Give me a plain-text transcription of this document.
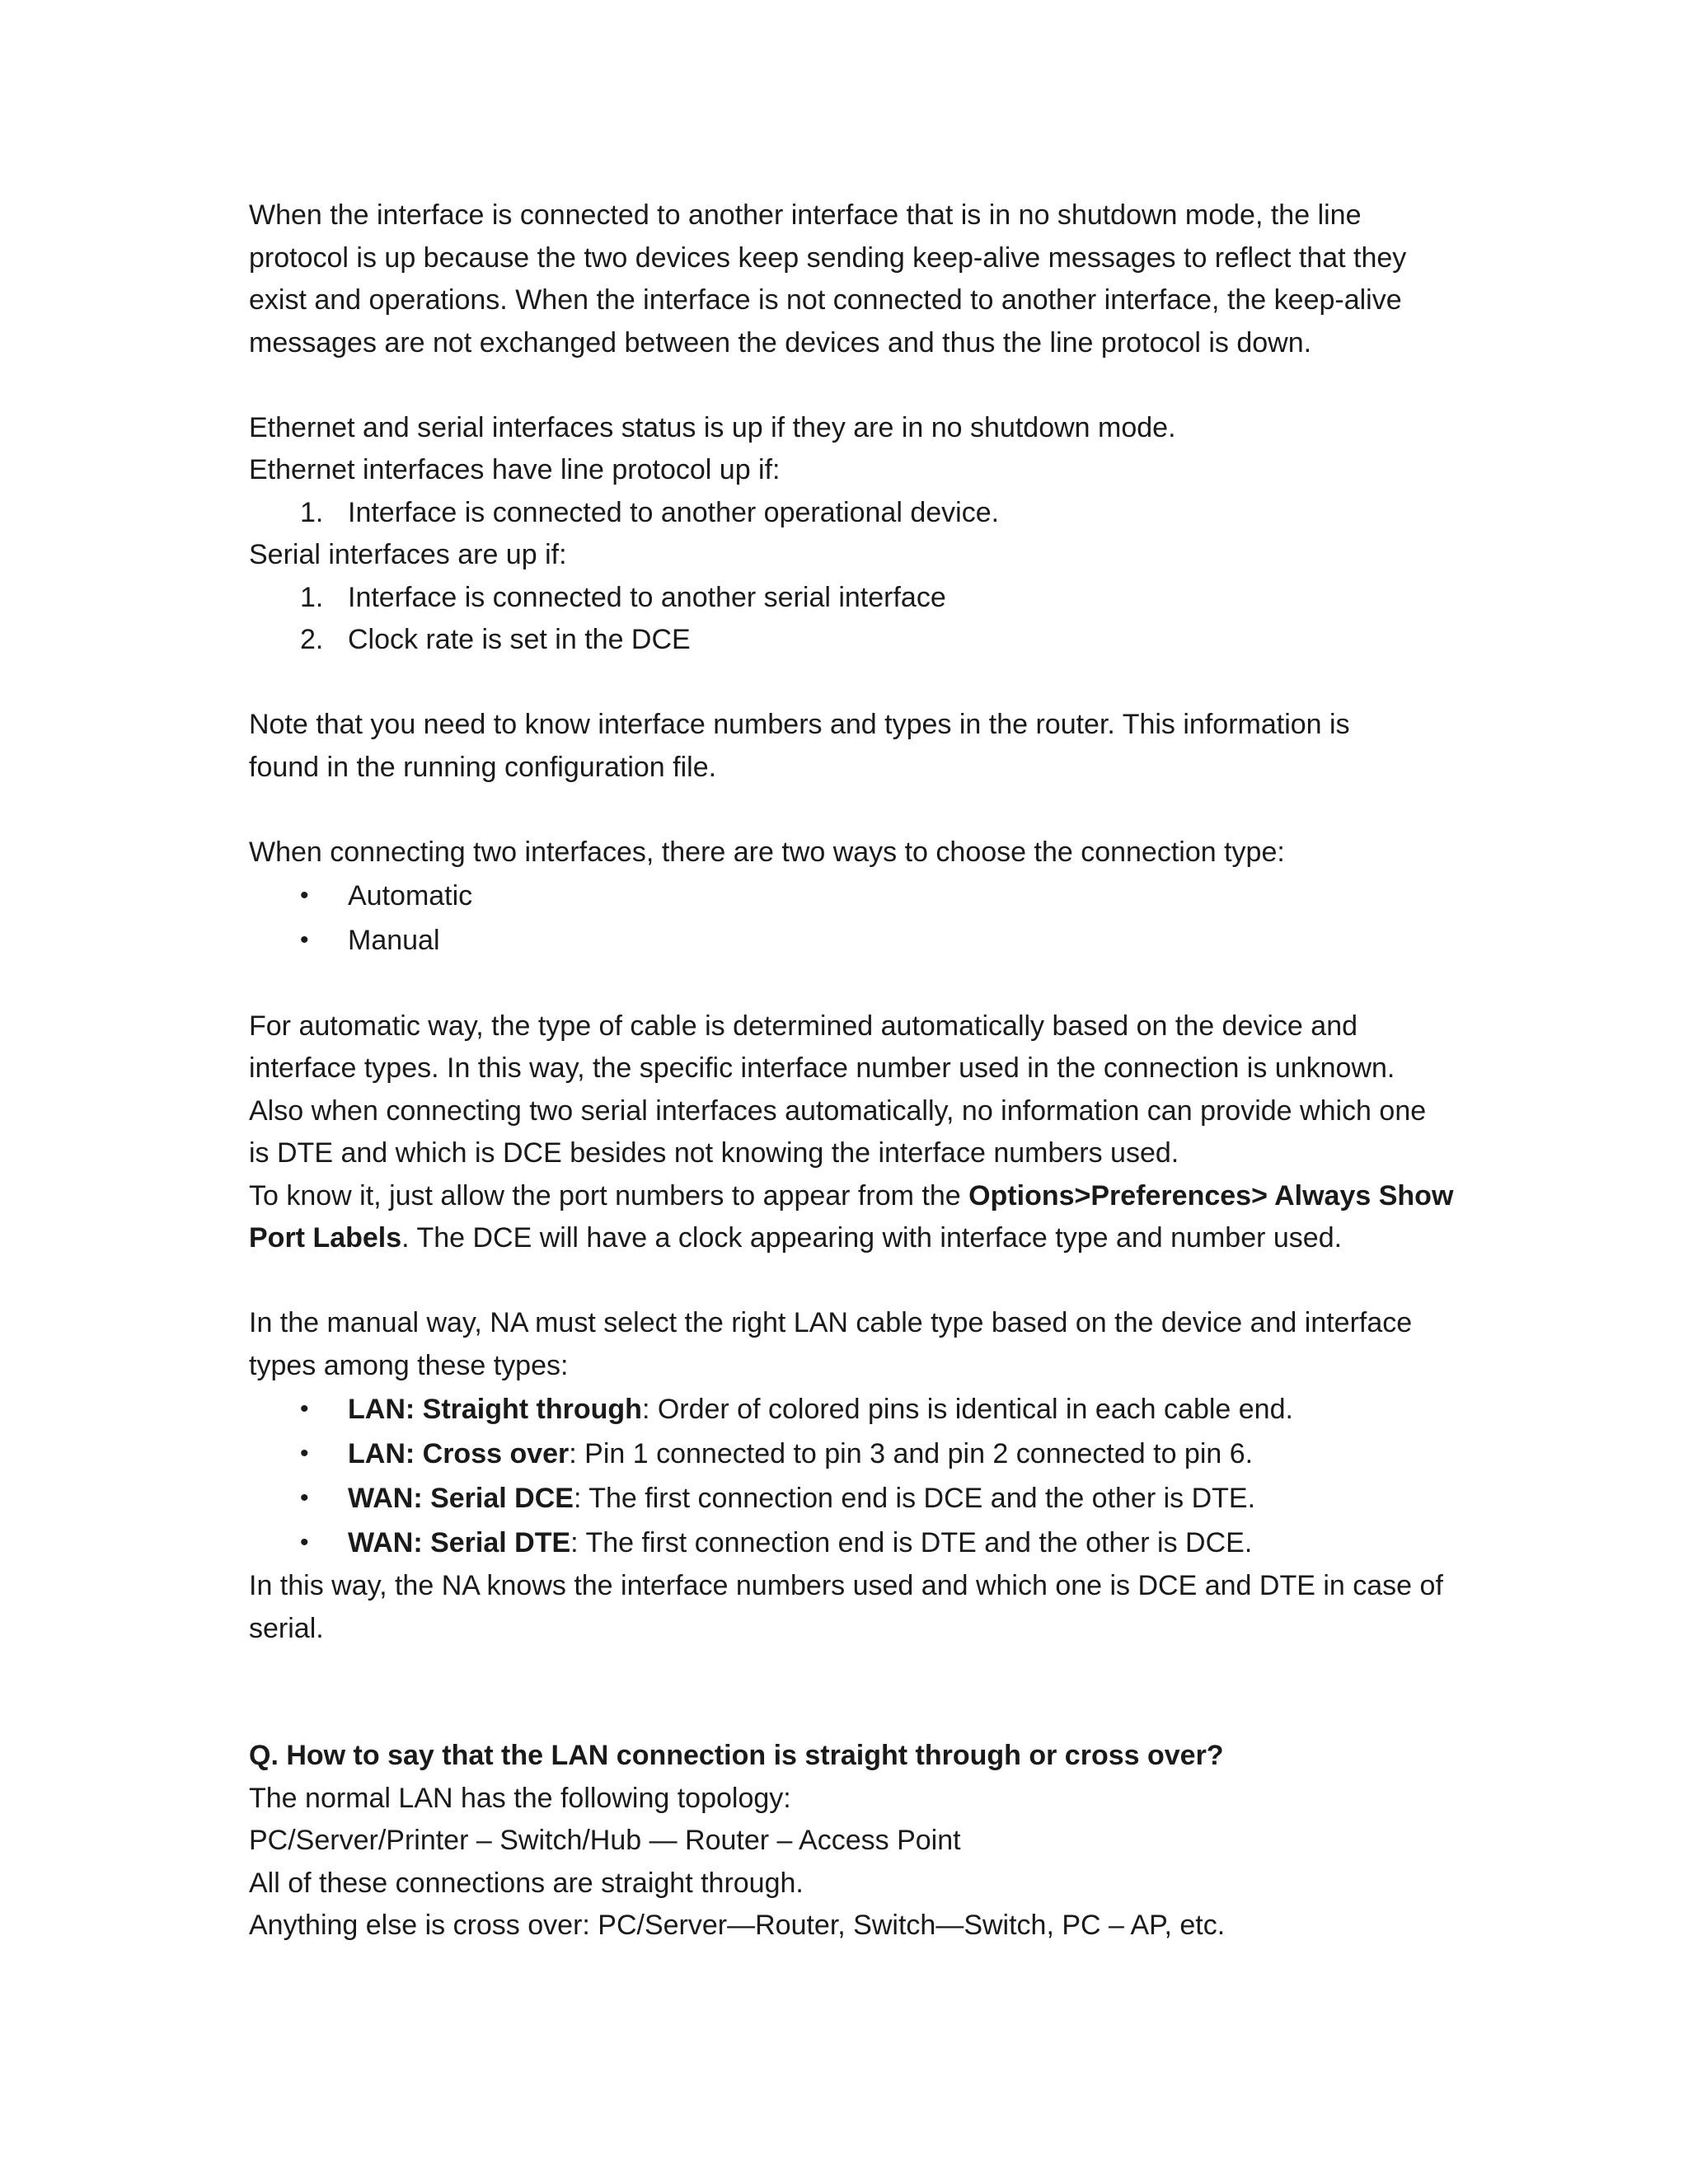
When the interface is connected to another interface that is in no shutdown mode, the line

protocol is up because the two devices keep sending keep-alive messages to reflect that they

exist and operations. When the interface is not connected to another interface, the keep-alive

messages are not exchanged between the devices and thus the line protocol is down.

Ethernet and serial interfaces status is up if they are in no shutdown mode.

Ethernet interfaces have line protocol up if:

1. Interface is connected to another operational device.

Serial interfaces are up if:

1. Interface is connected to another serial interface
2. Clock rate is set in the DCE

Note that you need to know interface numbers and types in the router. This information is

found in the running configuration file.

When connecting two interfaces, there are two ways to choose the connection type:

• Automatic
• Manual

For automatic way, the type of cable is determined automatically based on the device and

interface types. In this way, the specific interface number used in the connection is unknown.

Also when connecting two serial interfaces automatically, no information can provide which one

is DTE and which is DCE besides not knowing the interface numbers used.

To know it, just allow the port numbers to appear from the Options>Preferences> Always Show

Port Labels. The DCE will have a clock appearing with interface type and number used.

In the manual way, NA must select the right LAN cable type based on the device and interface

types among these types:

• LAN: Straight through: Order of colored pins is identical in each cable end.
• LAN: Cross over: Pin 1 connected to pin 3 and pin 2 connected to pin 6.
• WAN: Serial DCE: The first connection end is DCE and the other is DTE.
• WAN: Serial DTE: The first connection end is DTE and the other is DCE.

In this way, the NA knows the interface numbers used and which one is DCE and DTE in case of

serial.

Q. How to say that the LAN connection is straight through or cross over?

The normal LAN has the following topology:

PC/Server/Printer – Switch/Hub — Router – Access Point

All of these connections are straight through.

Anything else is cross over: PC/Server—Router, Switch—Switch, PC – AP, etc.
